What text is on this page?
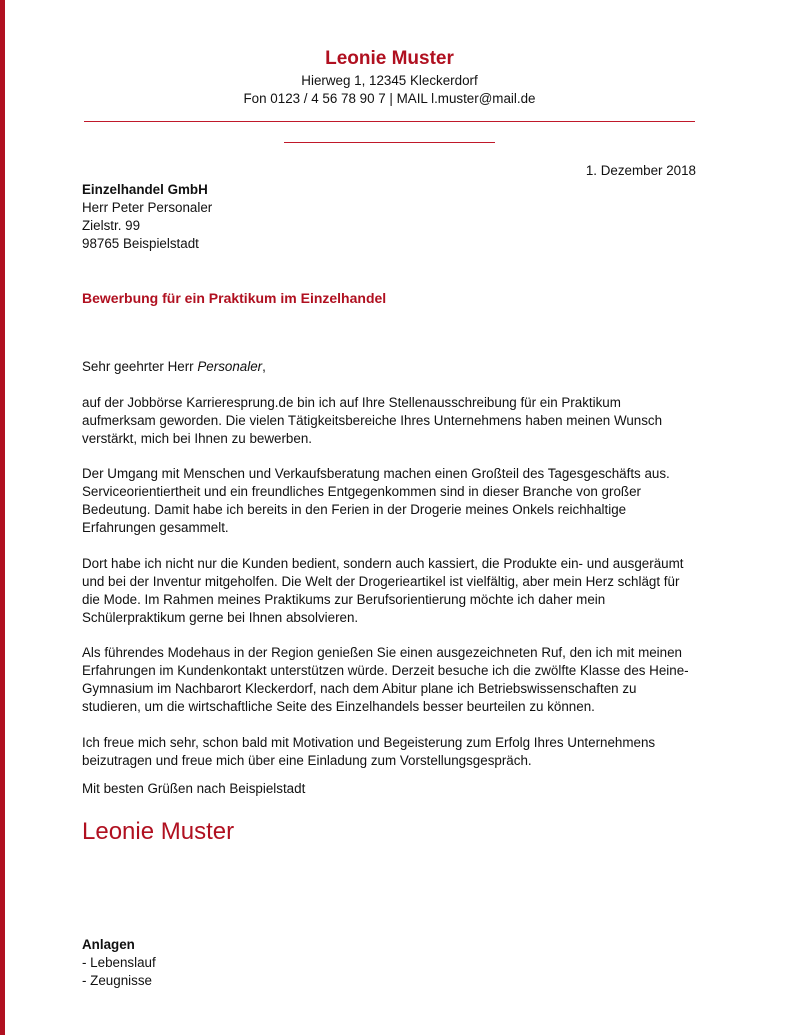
Leonie Muster
Hierweg 1, 12345 Kleckerdorf
Fon 0123 / 4 56 78 90 7 | MAIL l.muster@mail.de
1. Dezember 2018
Einzelhandel GmbH
Herr Peter Personaler
Zielstr. 99
98765 Beispielstadt
Bewerbung für ein Praktikum im Einzelhandel

Sehr geehrter Herr Personaler,

auf der Jobbörse Karrieresprung.de bin ich auf Ihre Stellenausschreibung für ein Praktikum aufmerksam geworden. Die vielen Tätigkeitsbereiche Ihres Unternehmens haben meinen Wunsch verstärkt, mich bei Ihnen zu bewerben.

Der Umgang mit Menschen und Verkaufsberatung machen einen Großteil des Tagesgeschäfts aus. Serviceorientiertheit und ein freundliches Entgegenkommen sind in dieser Branche von großer Bedeutung. Damit habe ich bereits in den Ferien in der Drogerie meines Onkels reichhaltige Erfahrungen gesammelt.

Dort habe ich nicht nur die Kunden bedient, sondern auch kassiert, die Produkte ein- und ausgeräumt und bei der Inventur mitgeholfen. Die Welt der Drogerieartikel ist vielfältig, aber mein Herz schlägt für die Mode. Im Rahmen meines Praktikums zur Berufsorientierung möchte ich daher mein Schülerpraktikum gerne bei Ihnen absolvieren.

Als führendes Modehaus in der Region genießen Sie einen ausgezeichneten Ruf, den ich mit meinen Erfahrungen im Kundenkontakt unterstützen würde. Derzeit besuche ich die zwölfte Klasse des Heine-Gymnasium im Nachbarort Kleckerdorf, nach dem Abitur plane ich Betriebswissenschaften zu studieren, um die wirtschaftliche Seite des Einzelhandels besser beurteilen zu können.

Ich freue mich sehr, schon bald mit Motivation und Begeisterung zum Erfolg Ihres Unternehmens beizutragen und freue mich über eine Einladung zum Vorstellungsgespräch.

Mit besten Grüßen nach Beispielstadt
Leonie Muster
Anlagen
- Lebenslauf
- Zeugnisse
